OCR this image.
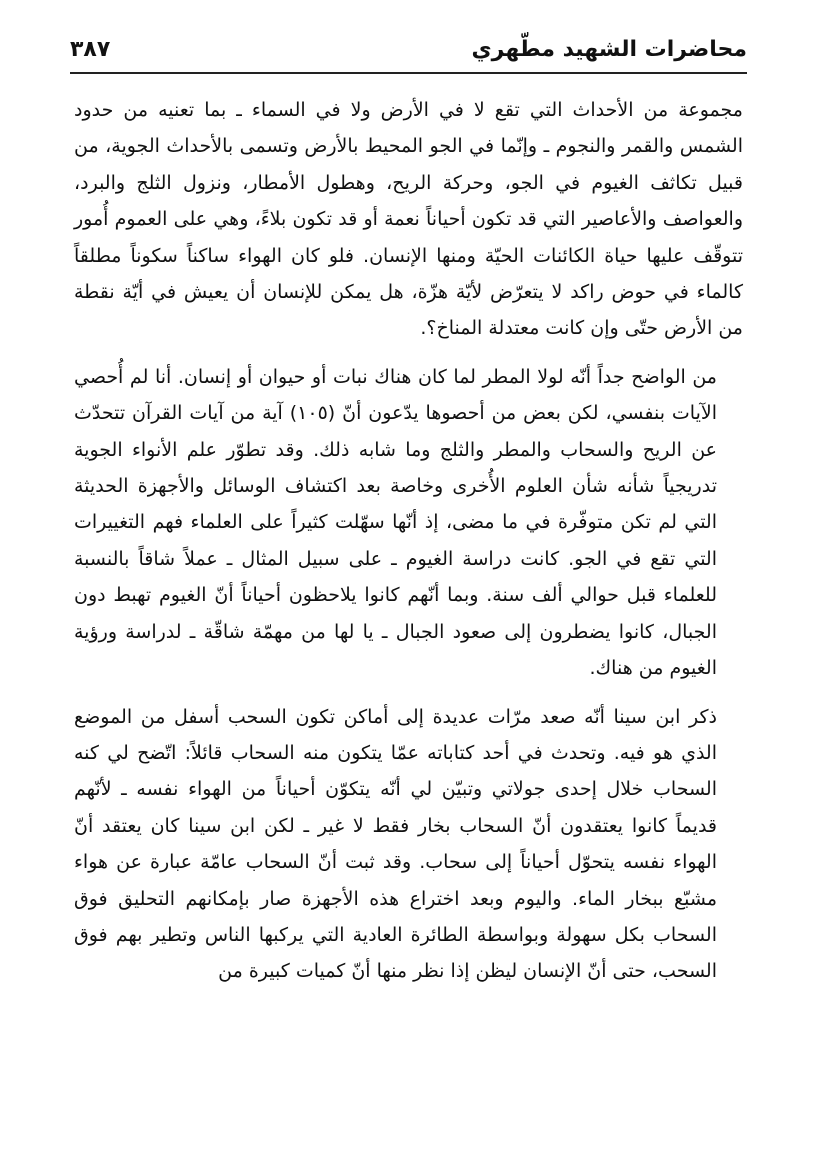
محاضرات الشهيد مطّهري
٣٨٧

مجموعة من الأحداث التي تقع لا في الأرض ولا في السماء ـ بما تعنيه من حدود الشمس والقمر والنجوم ـ وإنّما في الجو المحيط بالأرض وتسمى بالأحداث الجوية، من قبيل تكاثف الغيوم في الجو، وحركة الريح، وهطول الأمطار، ونزول الثلج والبرد، والعواصف والأعاصير التي قد تكون أحياناً نعمة أو قد تكون بلاءً، وهي على العموم أُمور تتوقّف عليها حياة الكائنات الحيّة ومنها الإنسان. فلو كان الهواء ساكناً سكوناً مطلقاً كالماء في حوض راكد لا يتعرّض لأيّة هزّة، هل يمكن للإنسان أن يعيش في أيّة نقطة من الأرض حتّى وإن كانت معتدلة المناخ؟.

من الواضح جداً أنّه لولا المطر لما كان هناك نبات أو حيوان أو إنسان. أنا لم أُحصي الآيات بنفسي، لكن بعض من أحصوها يدّعون أنّ (١٠٥) آية من آيات القرآن تتحدّث عن الريح والسحاب والمطر والثلج وما شابه ذلك. وقد تطوّر علم الأنواء الجوية تدريجياً شأنه شأن العلوم الأُخرى وخاصة بعد اكتشاف الوسائل والأجهزة الحديثة التي لم تكن متوفّرة في ما مضى، إذ أنّها سهّلت كثيراً على العلماء فهم التغييرات التي تقع في الجو. كانت دراسة الغيوم ـ على سبيل المثال ـ عملاً شاقاً بالنسبة للعلماء قبل حوالي ألف سنة. وبما أنّهم كانوا يلاحظون أحياناً أنّ الغيوم تهبط دون الجبال، كانوا يضطرون إلى صعود الجبال ـ يا لها من مهمّة شاقّة ـ لدراسة ورؤية الغيوم من هناك.

ذكر ابن سينا أنّه صعد مرّات عديدة إلى أماكن تكون السحب أسفل من الموضع الذي هو فيه. وتحدث في أحد كتاباته عمّا يتكون منه السحاب قائلاً: اتّضح لي كنه السحاب خلال إحدى جولاتي وتبيّن لي أنّه يتكوّن أحياناً من الهواء نفسه ـ لأنّهم قديماً كانوا يعتقدون أنّ السحاب بخار فقط لا غير ـ لكن ابن سينا كان يعتقد أنّ الهواء نفسه يتحوّل أحياناً إلى سحاب. وقد ثبت أنّ السحاب عامّة عبارة عن هواء مشبّع ببخار الماء. واليوم وبعد اختراع هذه الأجهزة صار بإمكانهم التحليق فوق السحاب بكل سهولة وبواسطة الطائرة العادية التي يركبها الناس وتطير بهم فوق السحب، حتى أنّ الإنسان ليظن إذا نظر منها أنّ كميات كبيرة من
